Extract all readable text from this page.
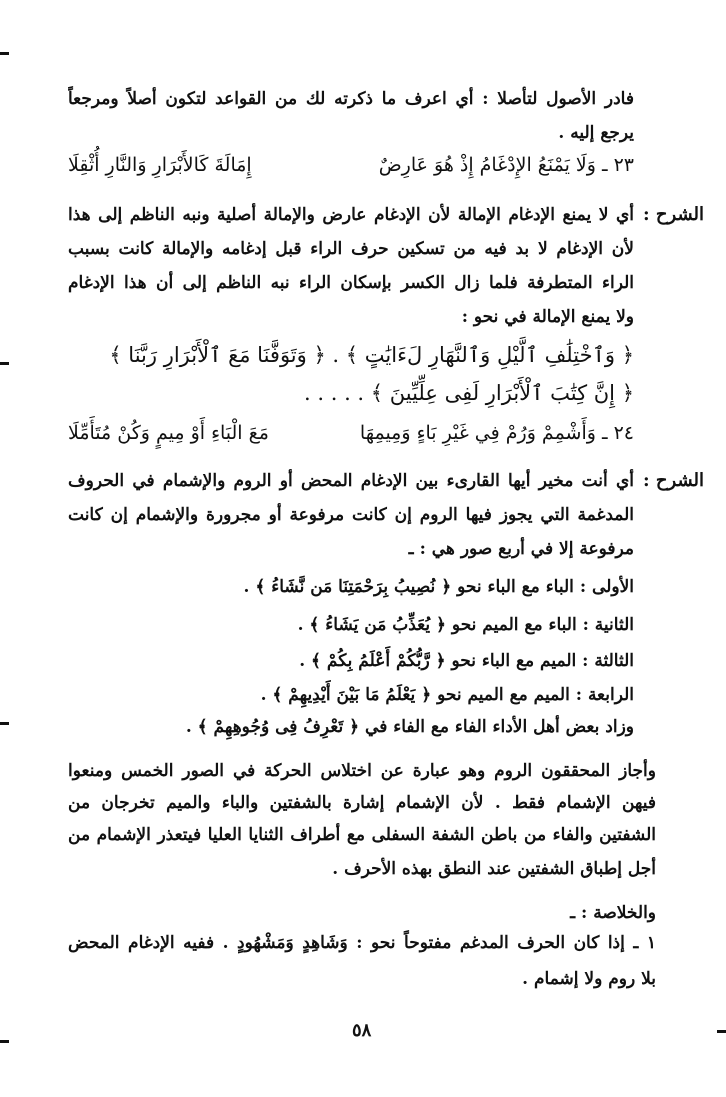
فادر الأصول لتأصلا : أي اعرف ما ذكرته لك من القواعد لتكون أصلاً ومرجعاً
يرجع إليه .
٢٣ ـ وَلَا يَمْنَعُ الإِدْغَامُ إِذْ هُوَ عَارِضٌ
إِمَالَةَ كَالأَبْرَارِ وَالنَّارِ أُثْقِلَا
الشرح :
أي لا يمنع الإدغام الإمالة لأن الإدغام عارض والإمالة أصلية ونبه الناظم إلى هذا
لأن الإدغام لا بد فيه من تسكين حرف الراء قبل إدغامه والإمالة كانت بسبب
الراء المتطرفة فلما زال الكسر بإسكان الراء نبه الناظم إلى أن هذا الإدغام
ولا يمنع الإمالة في نحو :
﴿ وَٱخْتِلَٰفِ ٱلَّيْلِ وَٱلنَّهَارِ لَءَايَٰتٍ ﴾ . ﴿ وَتَوَفَّنَا مَعَ ٱلْأَبْرَارِ رَبَّنَا ﴾
﴿ إِنَّ كِتَٰبَ ٱلْأَبْرَارِ لَفِى عِلِّيِّينَ ﴾ . . . . .
٢٤ ـ وَأَشْمِمْ وَرُمْ فِي غَيْرِ بَاءٍ وَمِيمِهَا
مَعَ الْبَاءِ أَوْ مِيمٍ وَكُنْ مُتَأَمِّلَا
الشرح :
أي أنت مخير أيها القارىء بين الإدغام المحض أو الروم والإشمام في الحروف
المدغمة التي يجوز فيها الروم إن كانت مرفوعة أو مجرورة والإشمام إن كانت
مرفوعة إلا في أربع صور هي : ـ
الأولى : الباء مع الباء نحو ﴿ نُصِيبُ بِرَحْمَتِنَا مَن نَّشَاءُ ﴾ .
الثانية : الباء مع الميم نحو ﴿ يُعَذِّبُ مَن يَشَاءُ ﴾ .
الثالثة : الميم مع الباء نحو ﴿ رَّبُّكُمْ أَعْلَمُ بِكُمْ ﴾ .
الرابعة : الميم مع الميم نحو ﴿ يَعْلَمُ مَا بَيْنَ أَيْدِيهِمْ ﴾ .
وزاد بعض أهل الأداء الفاء مع الفاء في ﴿ تَعْرِفُ فِى وُجُوهِهِمْ ﴾ .
وأجاز المحققون الروم وهو عبارة عن اختلاس الحركة في الصور الخمس ومنعوا
فيهن الإشمام فقط . لأن الإشمام إشارة بالشفتين والباء والميم تخرجان من
الشفتين والفاء من باطن الشفة السفلى مع أطراف الثنايا العليا فيتعذر الإشمام من
أجل إطباق الشفتين عند النطق بهذه الأحرف .
والخلاصة : ـ
١ ـ إذا كان الحرف المدغم مفتوحاً نحو : وَشَاهِدٍ وَمَشْهُودٍ . ففيه الإدغام المحض
بلا روم ولا إشمام .
٥٨
